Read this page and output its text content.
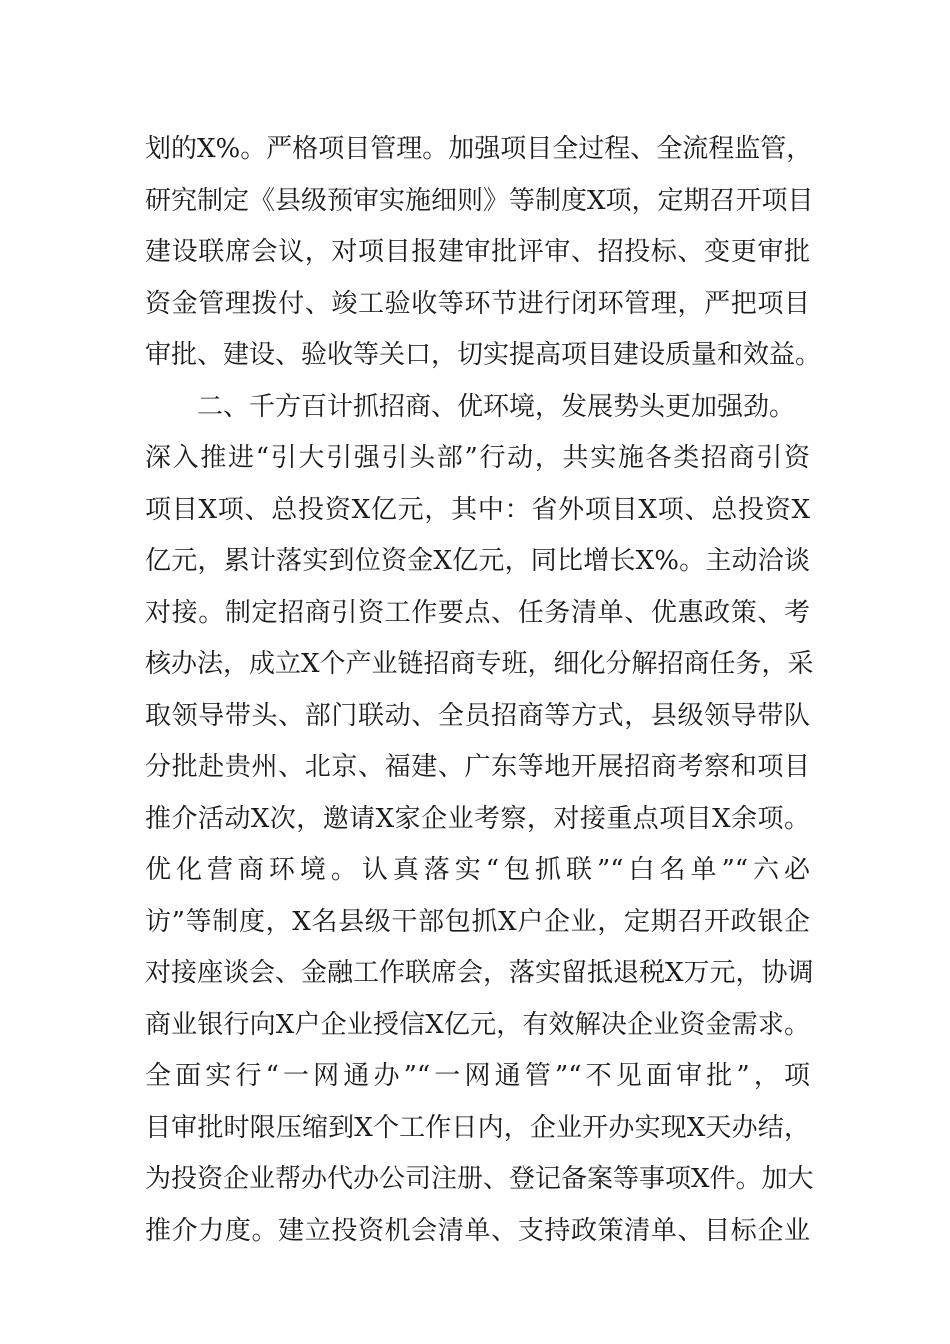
划的X%。严格项目管理。加强项目全过程、全流程监管，
研究制定《县级预审实施细则》等制度X项，定期召开项目
建设联席会议，对项目报建审批评审、招投标、变更审批
资金管理拨付、竣工验收等环节进行闭环管理，严把项目
审批、建设、验收等关口，切实提高项目建设质量和效益。
二、千方百计抓招商、优环境，发展势头更加强劲。
深入推进“引大引强引头部”行动，共实施各类招商引资
项目X项、总投资X亿元，其中：省外项目X项、总投资X
亿元，累计落实到位资金X亿元，同比增长X%。主动洽谈
对接。制定招商引资工作要点、任务清单、优惠政策、考
核办法，成立X个产业链招商专班，细化分解招商任务，采
取领导带头、部门联动、全员招商等方式，县级领导带队
分批赴贵州、北京、福建、广东等地开展招商考察和项目
推介活动X次，邀请X家企业考察，对接重点项目X余项。
优化营商环境。认真落实“包抓联”“白名单”“六必
访”等制度，X名县级干部包抓X户企业，定期召开政银企
对接座谈会、金融工作联席会，落实留抵退税X万元，协调
商业银行向X户企业授信X亿元，有效解决企业资金需求。
全面实行“一网通办”“一网通管”“不见面审批”，项
目审批时限压缩到X个工作日内，企业开办实现X天办结，
为投资企业帮办代办公司注册、登记备案等事项X件。加大
推介力度。建立投资机会清单、支持政策清单、目标企业
